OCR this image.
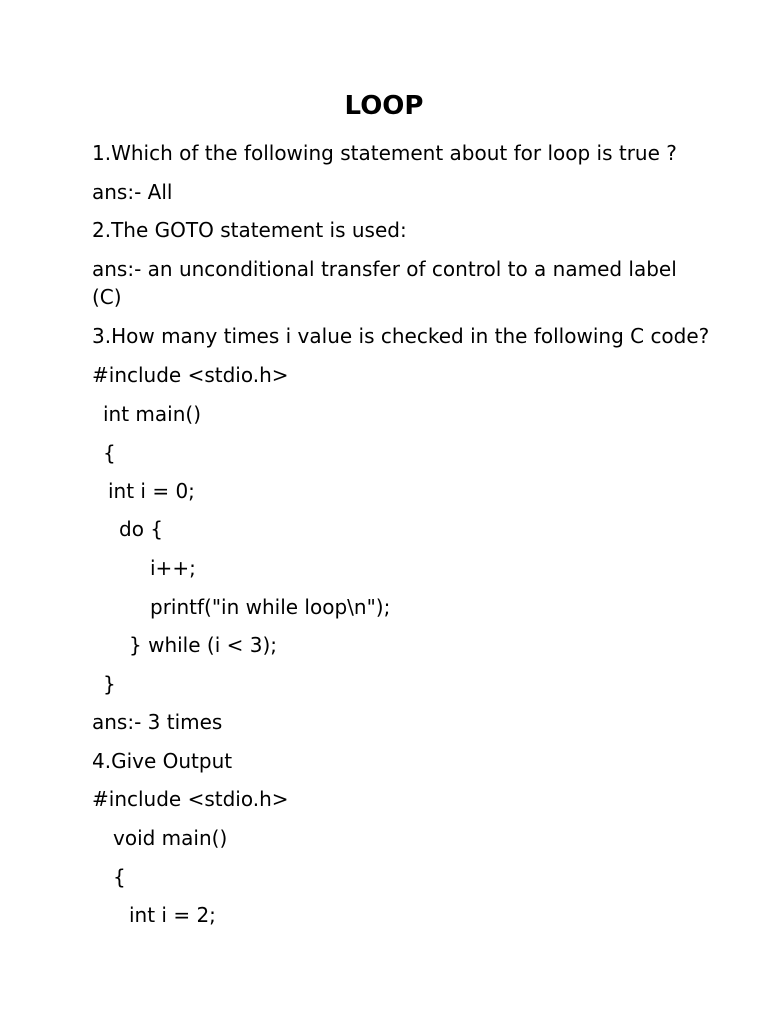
LOOP
1.Which of the following statement about for loop is true ?
ans:- All
2.The GOTO statement is used:
ans:- an unconditional transfer of control to a named label
(C)
3.How many times i value is checked in the following C code?
#include <stdio.h>
int main()
{
int i = 0;
do {
i++;
printf("in while loop\n");
} while (i < 3);
}
ans:- 3 times
4.Give Output
#include <stdio.h>
void main()
{
int i = 2;
